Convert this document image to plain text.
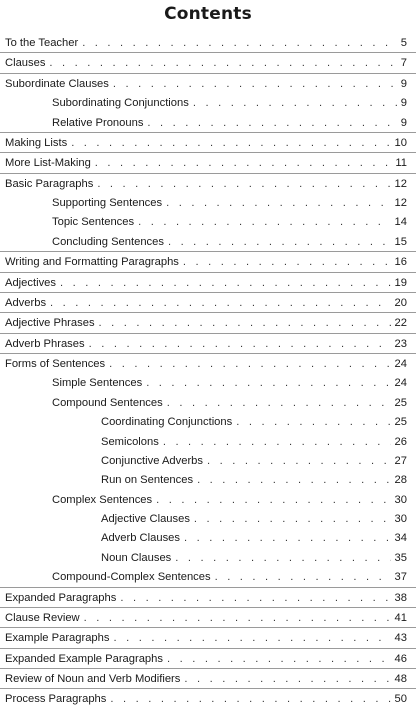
Contents
To the Teacher . . .	5
Clauses . . .	7
Subordinate Clauses . . .	9
Subordinating Conjunctions . . .	9
Relative Pronouns . . .	9
Making Lists . . .	10
More List-Making . . .	11
Basic Paragraphs . . .	12
Supporting Sentences . . .	12
Topic Sentences . . .	14
Concluding Sentences . . .	15
Writing and Formatting Paragraphs . . .	16
Adjectives . . .	19
Adverbs . . .	20
Adjective Phrases . . .	22
Adverb Phrases . . .	23
Forms of Sentences . . .	24
Simple Sentences . . .	24
Compound Sentences . . .	25
Coordinating Conjunctions . . .	25
Semicolons . . .	26
Conjunctive Adverbs . . .	27
Run on Sentences . . .	28
Complex Sentences . . .	30
Adjective Clauses . . .	30
Adverb Clauses . . .	34
Noun Clauses . . .	35
Compound-Complex Sentences . . .	37
Expanded Paragraphs . . .	38
Clause Review . . .	41
Example Paragraphs . . .	43
Expanded Example Paragraphs . . .	46
Review of Noun and Verb Modifiers . . .	48
Process Paragraphs . . .	50
